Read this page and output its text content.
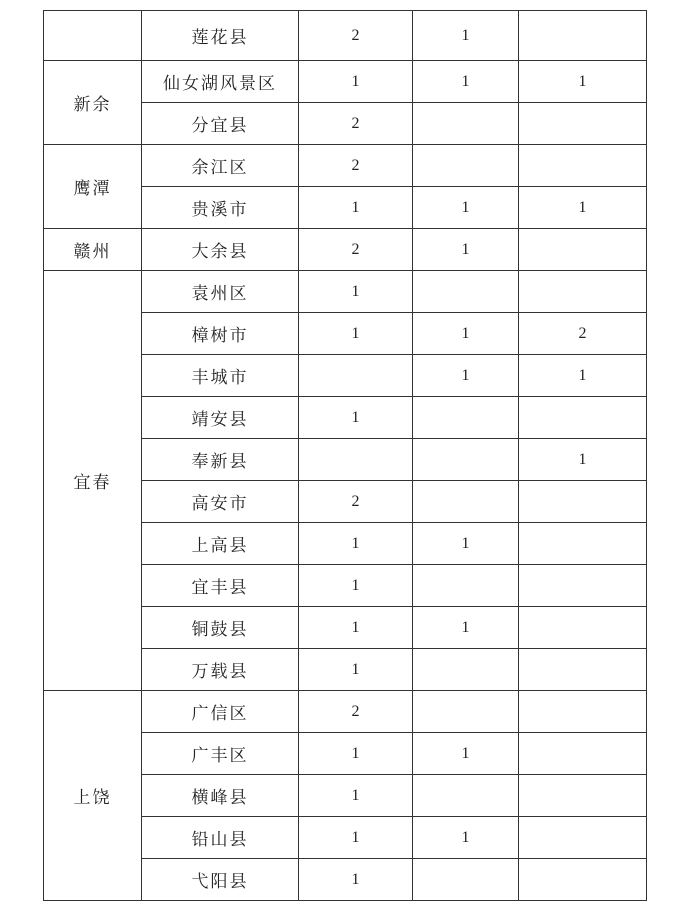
	莲花县	2	1	
新余	仙女湖风景区	1	1	1
	分宜县	2		
鹰潭	余江区	2		
	贵溪市	1	1	1
赣州	大余县	2	1	
宜春	袁州区	1		
	樟树市	1	1	2
	丰城市		1	1
	靖安县	1		
	奉新县			1
	高安市	2		
	上高县	1	1	
	宜丰县	1		
	铜鼓县	1	1	
	万载县	1		
上饶	广信区	2		
	广丰区	1	1	
	横峰县	1		
	铅山县	1	1	
	弋阳县	1		
